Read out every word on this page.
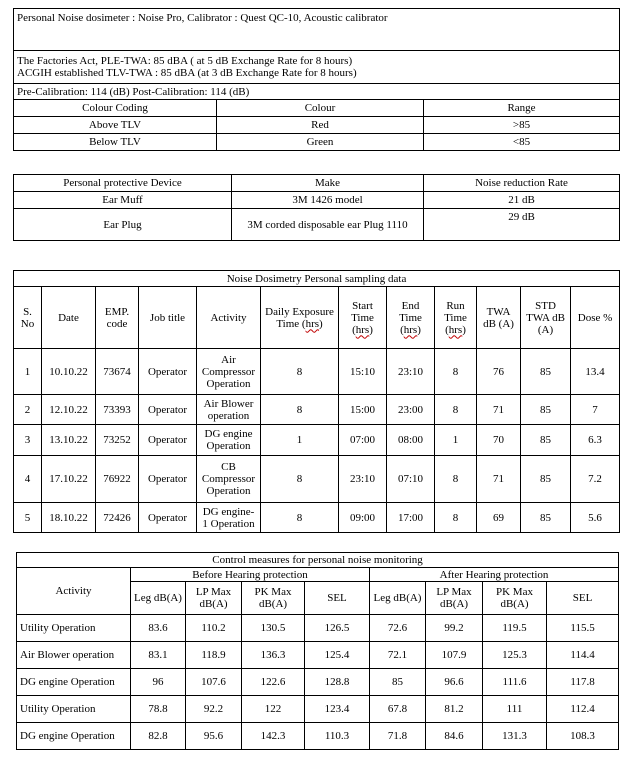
Personal Noise dosimeter : Noise Pro, Calibrator : Quest QC-10, Acoustic calibrator		

The Factories Act, PLE-TWA: 85 dBA ( at 5 dB Exchange Rate for 8 hours)
ACGIH established TLV-TWA : 85 dBA (at 3 dB Exchange Rate for 8 hours)		

Pre-Calibration: 114 (dB) Post-Calibration: 114 (dB)		
Colour Coding	Colour	Range
Above TLV	Red	>85
Below TLV	Green	<85
Personal protective Device	Make	Noise reduction Rate
Ear Muff	3M 1426 model	21 dB
Ear Plug	3M corded disposable ear Plug 1110	29 dB
Noise Dosimetry Personal sampling data											
S. No	Date	EMP. code	Job title	Activity	Daily Exposure Time (hrs)	Start Time (hrs)	End Time (hrs)	Run Time (hrs)	TWA dB (A)	STD TWA dB (A)	Dose %
1	10.10.22	73674	Operator	Air Compressor Operation	8	15:10	23:10	8	76	85	13.4
2	12.10.22	73393	Operator	Air Blower operation	8	15:00	23:00	8	71	85	7
3	13.10.22	73252	Operator	DG engine Operation	1	07:00	08:00	1	70	85	6.3
4	17.10.22	76922	Operator	CB Compressor Operation	8	23:10	07:10	8	71	85	7.2
5	18.10.22	72426	Operator	DG engine-1 Operation	8	09:00	17:00	8	69	85	5.6
Control measures for personal noise monitoring								
Activity	Before Hearing protection				After Hearing protection			
	Leg dB(A)	LP Max dB(A)	PK Max dB(A)	SEL	Leg dB(A)	LP Max dB(A)	PK Max dB(A)	SEL
Utility Operation	83.6	110.2	130.5	126.5	72.6	99.2	119.5	115.5
Air Blower operation	83.1	118.9	136.3	125.4	72.1	107.9	125.3	114.4
DG engine Operation	96	107.6	122.6	128.8	85	96.6	111.6	117.8
Utility Operation	78.8	92.2	122	123.4	67.8	81.2	111	112.4
DG engine Operation	82.8	95.6	142.3	110.3	71.8	84.6	131.3	108.3
